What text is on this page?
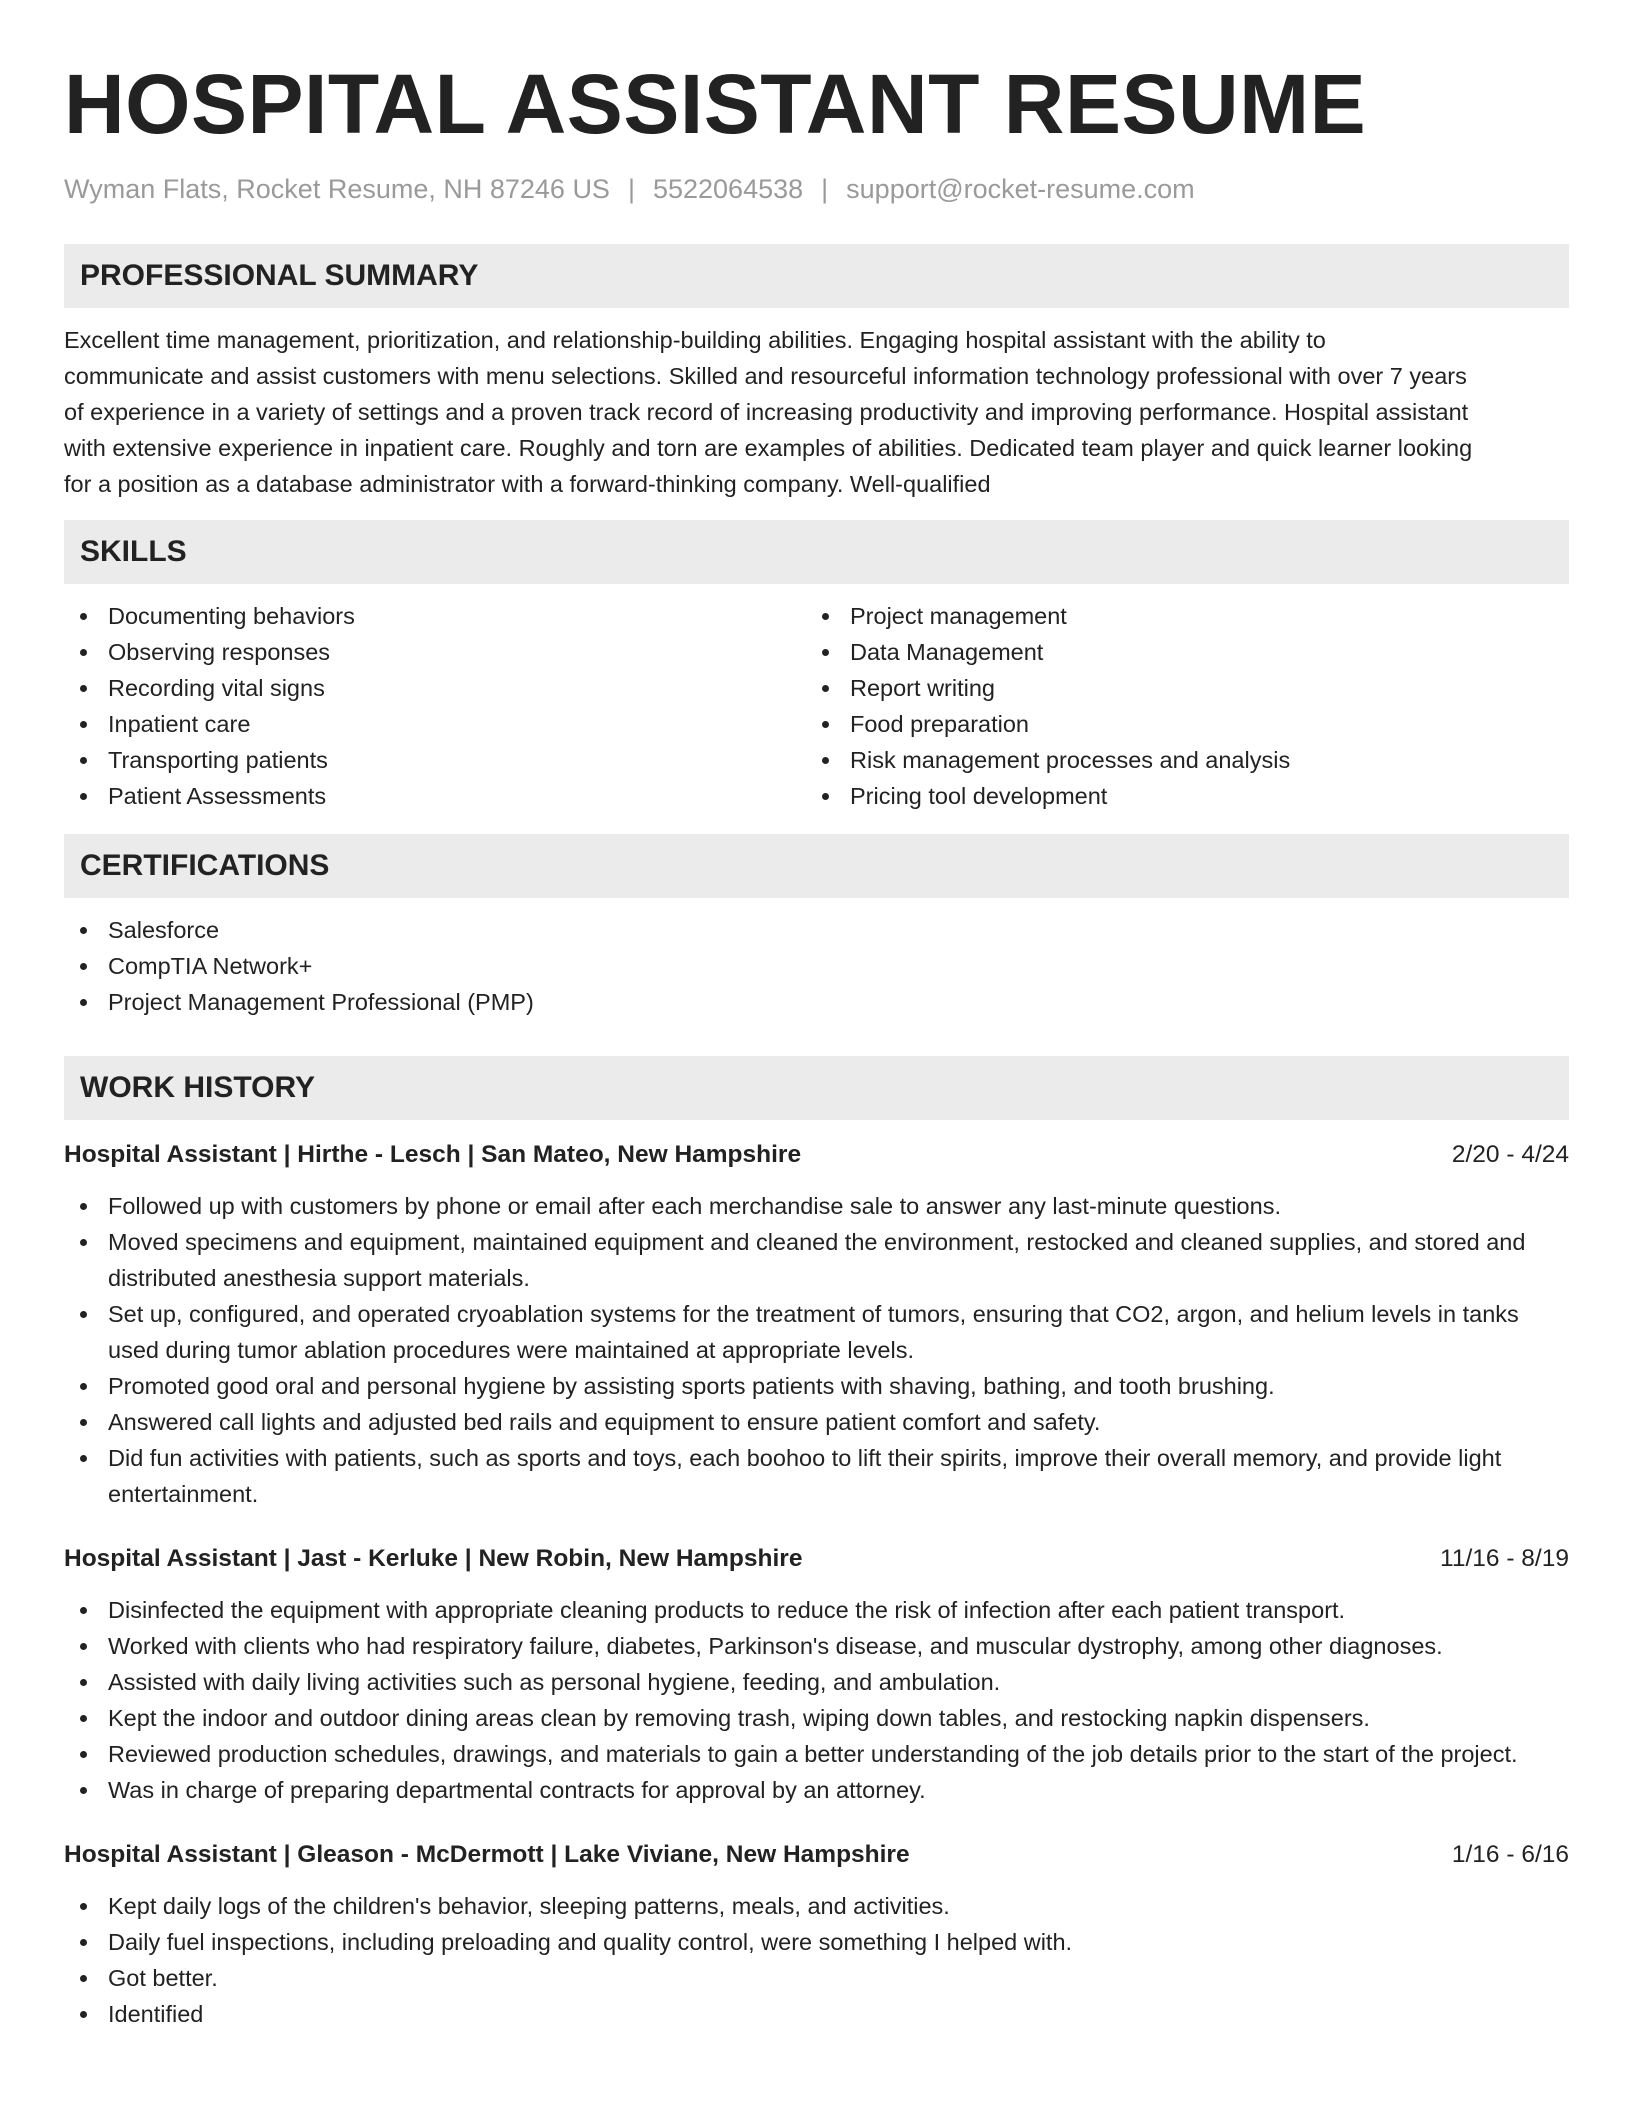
HOSPITAL ASSISTANT RESUME
Wyman Flats, Rocket Resume, NH 87246 US | 5522064538 | support@rocket-resume.com
PROFESSIONAL SUMMARY
Excellent time management, prioritization, and relationship-building abilities. Engaging hospital assistant with the ability to
communicate and assist customers with menu selections. Skilled and resourceful information technology professional with over 7 years
of experience in a variety of settings and a proven track record of increasing productivity and improving performance. Hospital assistant
with extensive experience in inpatient care. Roughly and torn are examples of abilities. Dedicated team player and quick learner looking
for a position as a database administrator with a forward-thinking company. Well-qualified
SKILLS
Documenting behaviors
Observing responses
Recording vital signs
Inpatient care
Transporting patients
Patient Assessments
Project management
Data Management
Report writing
Food preparation
Risk management processes and analysis
Pricing tool development
CERTIFICATIONS
Salesforce
CompTIA Network+
Project Management Professional (PMP)
WORK HISTORY
Hospital Assistant | Hirthe - Lesch | San Mateo, New Hampshire	2/20 - 4/24
Followed up with customers by phone or email after each merchandise sale to answer any last-minute questions.
Moved specimens and equipment, maintained equipment and cleaned the environment, restocked and cleaned supplies, and stored and distributed anesthesia support materials.
Set up, configured, and operated cryoablation systems for the treatment of tumors, ensuring that CO2, argon, and helium levels in tanks used during tumor ablation procedures were maintained at appropriate levels.
Promoted good oral and personal hygiene by assisting sports patients with shaving, bathing, and tooth brushing.
Answered call lights and adjusted bed rails and equipment to ensure patient comfort and safety.
Did fun activities with patients, such as sports and toys, each boohoo to lift their spirits, improve their overall memory, and provide light entertainment.
Hospital Assistant | Jast - Kerluke | New Robin, New Hampshire	11/16 - 8/19
Disinfected the equipment with appropriate cleaning products to reduce the risk of infection after each patient transport.
Worked with clients who had respiratory failure, diabetes, Parkinson's disease, and muscular dystrophy, among other diagnoses.
Assisted with daily living activities such as personal hygiene, feeding, and ambulation.
Kept the indoor and outdoor dining areas clean by removing trash, wiping down tables, and restocking napkin dispensers.
Reviewed production schedules, drawings, and materials to gain a better understanding of the job details prior to the start of the project.
Was in charge of preparing departmental contracts for approval by an attorney.
Hospital Assistant | Gleason - McDermott | Lake Viviane, New Hampshire	1/16 - 6/16
Kept daily logs of the children's behavior, sleeping patterns, meals, and activities.
Daily fuel inspections, including preloading and quality control, were something I helped with.
Got better.
Identified
